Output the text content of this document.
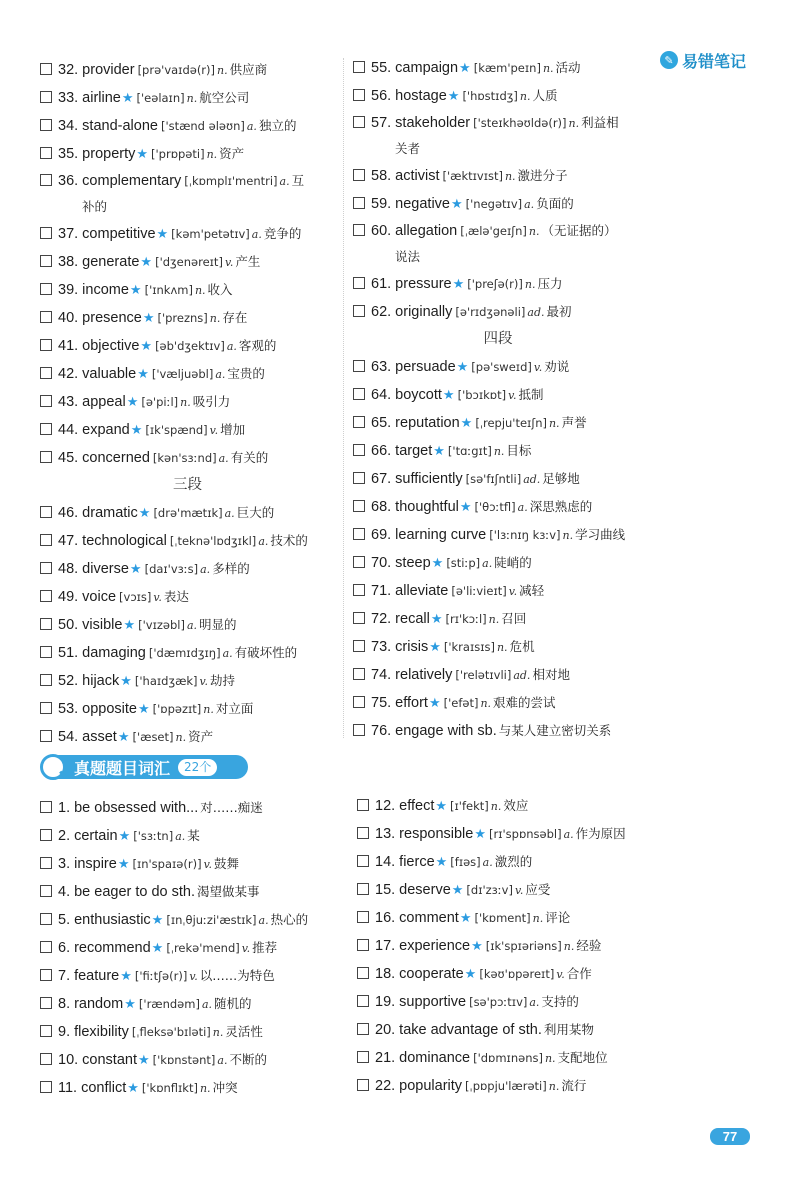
✎ 易错笔记
32. provider [prə'vaɪdə(r)] n. 供应商
33. airline★ ['eəlaɪn] n. 航空公司
34. stand-alone ['stænd ələʊn] a. 独立的
35. property★ ['prɒpəti] n. 资产
36. complementary [ˌkɒmplɪ'mentri] a. 互
补的
37. competitive★ [kəm'petətɪv] a. 竞争的
38. generate★ ['dʒenəreɪt] v. 产生
39. income★ ['ɪnkʌm] n. 收入
40. presence★ ['prezns] n. 存在
41. objective★ [əb'dʒektɪv] a. 客观的
42. valuable★ ['væljuəbl] a. 宝贵的
43. appeal★ [ə'piːl] n. 吸引力
44. expand★ [ɪk'spænd] v. 增加
45. concerned [kən'sɜːnd] a. 有关的
三段
46. dramatic★ [drə'mætɪk] a. 巨大的
47. technological [ˌteknə'lɒdʒɪkl] a. 技术的
48. diverse★ [daɪ'vɜːs] a. 多样的
49. voice [vɔɪs] v. 表达
50. visible★ ['vɪzəbl] a. 明显的
51. damaging ['dæmɪdʒɪŋ] a. 有破坏性的
52. hijack★ ['haɪdʒæk] v. 劫持
53. opposite★ ['ɒpəzɪt] n. 对立面
54. asset★ ['æset] n. 资产
55. campaign★ [kæm'peɪn] n. 活动
56. hostage★ ['hɒstɪdʒ] n. 人质
57. stakeholder ['steɪkhəʊldə(r)] n. 利益相
关者
58. activist ['æktɪvɪst] n. 激进分子
59. negative★ ['negətɪv] a. 负面的
60. allegation [ˌælə'geɪʃn] n. （无证据的）
说法
61. pressure★ ['preʃə(r)] n. 压力
62. originally [ə'rɪdʒənəli] ad. 最初
四段
63. persuade★ [pə'sweɪd] v. 劝说
64. boycott★ ['bɔɪkɒt] v. 抵制
65. reputation★ [ˌrepju'teɪʃn] n. 声誉
66. target★ ['tɑːgɪt] n. 目标
67. sufficiently [sə'fɪʃntli] ad. 足够地
68. thoughtful★ ['θɔːtfl] a. 深思熟虑的
69. learning curve ['lɜːnɪŋ kɜːv] n. 学习曲线
70. steep★ [stiːp] a. 陡峭的
71. alleviate [ə'liːvieɪt] v. 减轻
72. recall★ [rɪ'kɔːl] n. 召回
73. crisis★ ['kraɪsɪs] n. 危机
74. relatively ['relətɪvli] ad. 相对地
75. effort★ ['efət] n. 艰难的尝试
76. engage with sb. 与某人建立密切关系
真题题目词汇	22个
1. be obsessed with... 对……痴迷
2. certain★ ['sɜːtn] a. 某
3. inspire★ [ɪn'spaɪə(r)] v. 鼓舞
4. be eager to do sth. 渴望做某事
5. enthusiastic★ [ɪnˌθjuːzi'æstɪk] a. 热心的
6. recommend★ [ˌrekə'mend] v. 推荐
7. feature★ ['fiːtʃə(r)] v. 以……为特色
8. random★ ['rændəm] a. 随机的
9. flexibility [ˌfleksə'bɪləti] n. 灵活性
10. constant★ ['kɒnstənt] a. 不断的
11. conflict★ ['kɒnflɪkt] n. 冲突
12. effect★ [ɪ'fekt] n. 效应
13. responsible★ [rɪ'spɒnsəbl] a. 作为原因
14. fierce★ [fɪəs] a. 激烈的
15. deserve★ [dɪ'zɜːv] v. 应受
16. comment★ ['kɒment] n. 评论
17. experience★ [ɪk'spɪəriəns] n. 经验
18. cooperate★ [kəʊ'ɒpəreɪt] v. 合作
19. supportive [sə'pɔːtɪv] a. 支持的
20. take advantage of sth. 利用某物
21. dominance ['dɒmɪnəns] n. 支配地位
22. popularity [ˌpɒpju'lærəti] n. 流行
77
